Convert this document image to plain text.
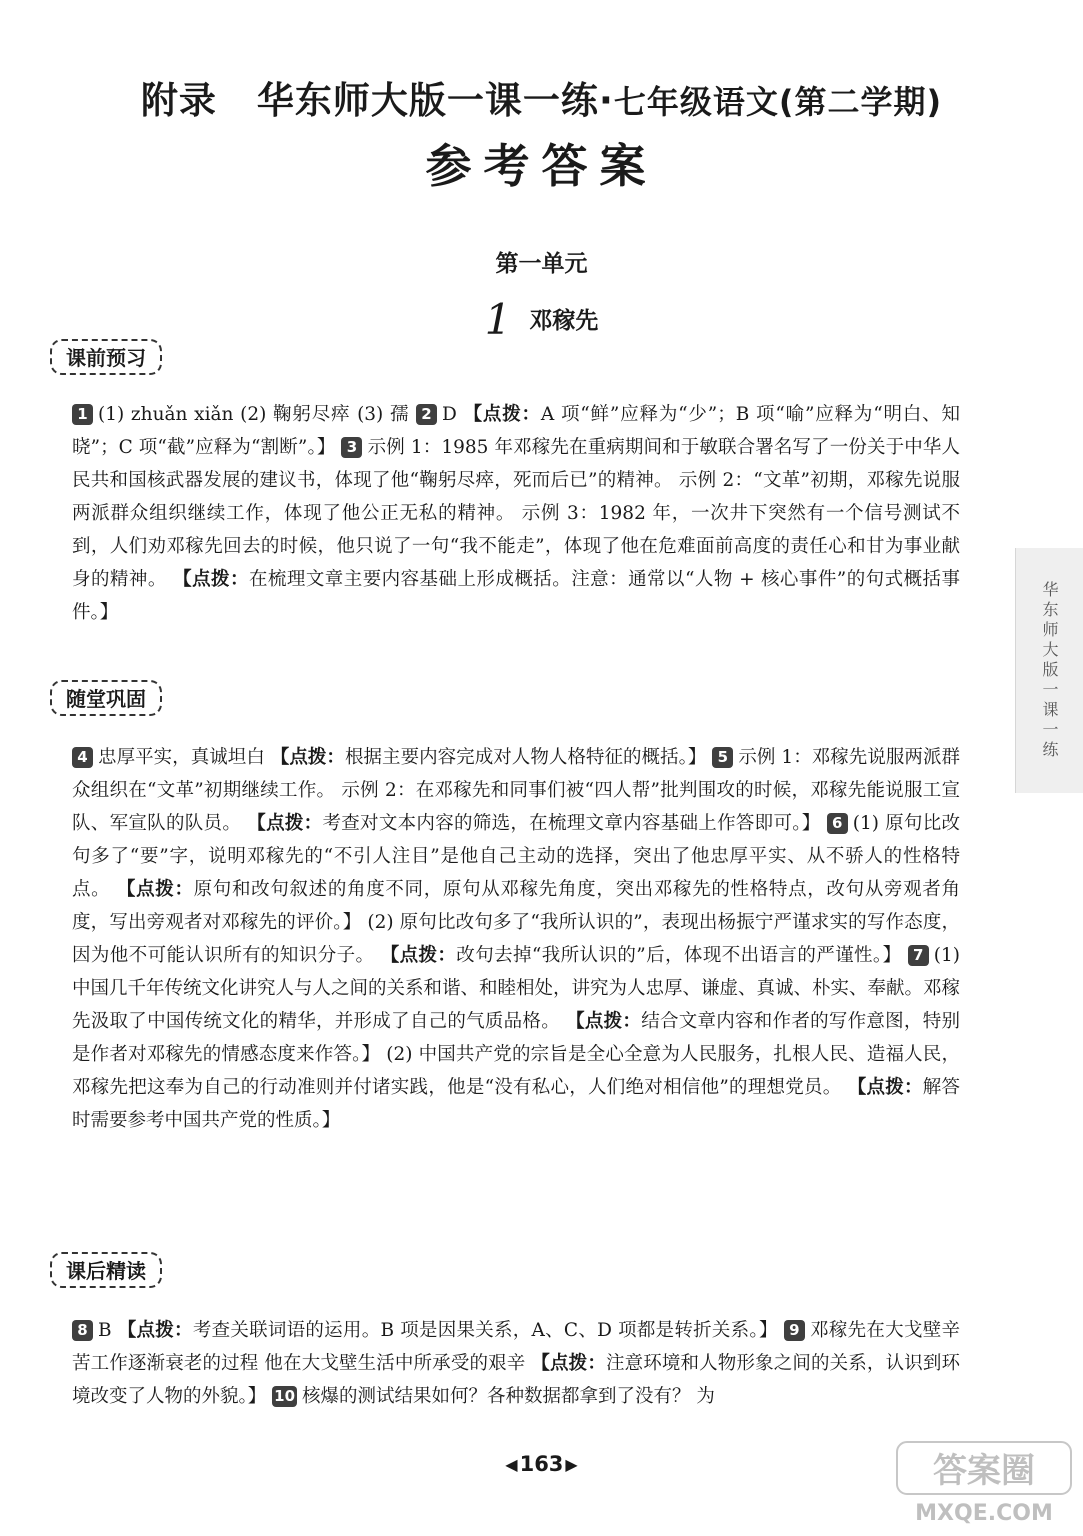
附录 华东师大版一课一练·七年级语文(第二学期)
参考答案
第一单元
1 邓稼先
课前预习
1 (1) zhuǎn xiǎn (2) 鞠躬尽瘁 (3) 孺 2 D 【点拨：A 项“鲜”应释为“少”；B 项“喻”应释为“明白、知晓”；C 项“截”应释为“割断”。】 3 示例 1：1985 年邓稼先在重病期间和于敏联合署名写了一份关于中华人民共和国核武器发展的建议书，体现了他“鞠躬尽瘁，死而后已”的精神。 示例 2：“文革”初期，邓稼先说服两派群众组织继续工作，体现了他公正无私的精神。 示例 3：1982 年，一次井下突然有一个信号测试不到，人们劝邓稼先回去的时候，他只说了一句“我不能走”，体现了他在危难面前高度的责任心和甘为事业献身的精神。 【点拨：在梳理文章主要内容基础上形成概括。注意：通常以“人物 + 核心事件”的句式概括事件。】
随堂巩固
4 忠厚平实，真诚坦白 【点拨：根据主要内容完成对人物人格特征的概括。】 5 示例 1：邓稼先说服两派群众组织在“文革”初期继续工作。 示例 2：在邓稼先和同事们被“四人帮”批判围攻的时候，邓稼先能说服工宣队、军宣队的队员。 【点拨：考查对文本内容的筛选，在梳理文章内容基础上作答即可。】 6 (1) 原句比改句多了“要”字，说明邓稼先的“不引人注目”是他自己主动的选择，突出了他忠厚平实、从不骄人的性格特点。 【点拨：原句和改句叙述的角度不同，原句从邓稼先角度，突出邓稼先的性格特点，改句从旁观者角度，写出旁观者对邓稼先的评价。】 (2) 原句比改句多了“我所认识的”，表现出杨振宁严谨求实的写作态度，因为他不可能认识所有的知识分子。 【点拨：改句去掉“我所认识的”后，体现不出语言的严谨性。】 7 (1) 中国几千年传统文化讲究人与人之间的关系和谐、和睦相处，讲究为人忠厚、谦虚、真诚、朴实、奉献。邓稼先汲取了中国传统文化的精华，并形成了自己的气质品格。 【点拨：结合文章内容和作者的写作意图，特别是作者对邓稼先的情感态度来作答。】 (2) 中国共产党的宗旨是全心全意为人民服务，扎根人民、造福人民，邓稼先把这奉为自己的行动准则并付诸实践，他是“没有私心，人们绝对相信他”的理想党员。 【点拨：解答时需要参考中国共产党的性质。】
课后精读
8 B 【点拨：考查关联词语的运用。B 项是因果关系，A、C、D 项都是转折关系。】 9 邓稼先在大戈壁辛苦工作逐渐衰老的过程 他在大戈壁生活中所承受的艰辛 【点拨：注意环境和人物形象之间的关系，认识到环境改变了人物的外貌。】 10 核爆的测试结果如何？各种数据都拿到了没有？ 为
华东师大版一课一练
◀163 ▶	答案圈
MXQE.COM
